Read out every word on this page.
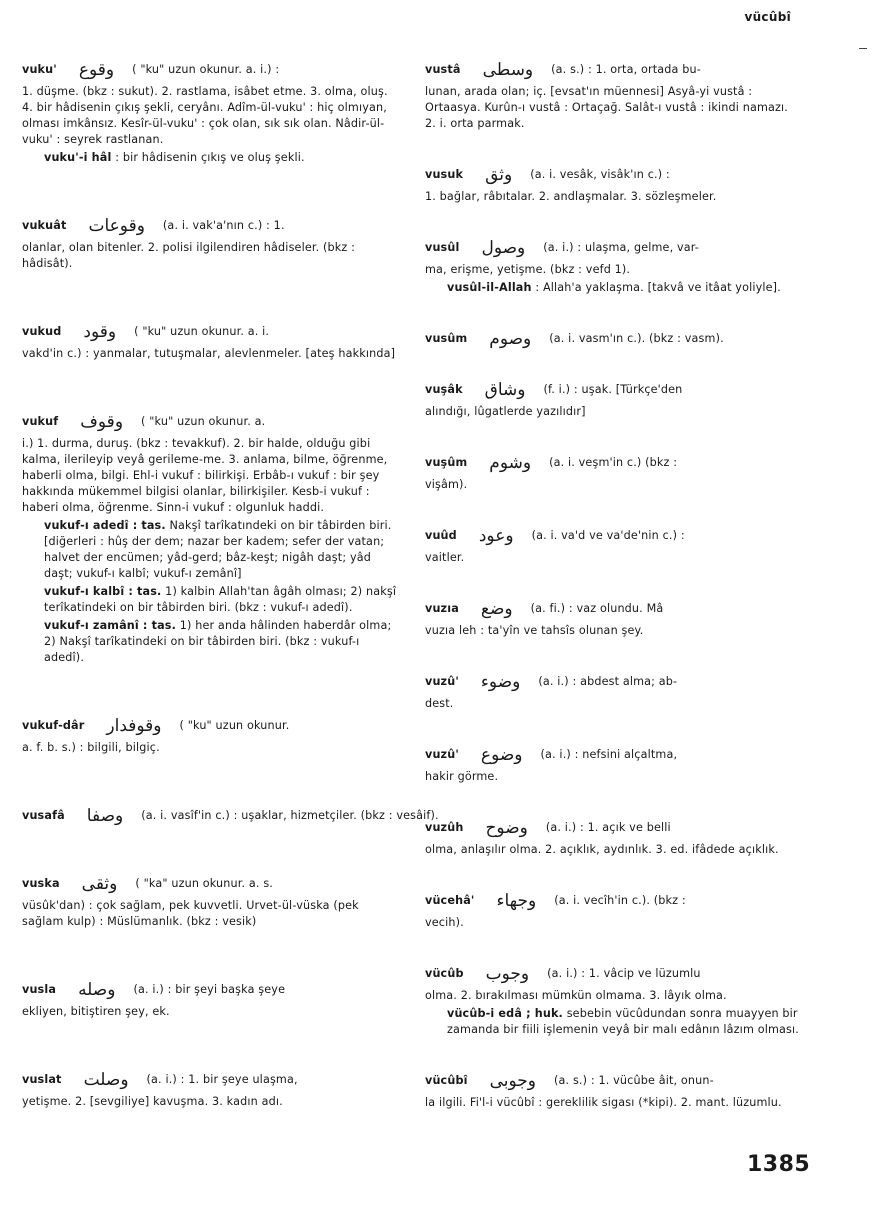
vücûbî
vuku' وقوع ( "ku" uzun okunur. a. i.) :

1. düşme. (bkz : sukut). 2. rastlama, isâbet etme. 3. olma, oluş. 4. bir hâdisenin çıkış şekli, ceryânı. Adîm-ül-vuku' : hiç olmıyan, olması imkânsız. Kesîr-ül-vuku' : çok olan, sık sık olan. Nâdir-ül-vuku' : seyrek rastlanan.

vuku'-i hâl : bir hâdisenin çıkış ve oluş şekli.

vukuât وقوعات (a. i. vak'a'nın c.) : 1.

olanlar, olan bitenler. 2. polisi ilgilendiren hâdiseler. (bkz : hâdisât).

vukud وقود ( "ku" uzun okunur. a. i.

vakd'in c.) : yanmalar, tutuşmalar, alevlenmeler. [ateş hakkında]

vukuf وقوف ( "ku" uzun okunur. a.

i.) 1. durma, duruş. (bkz : tevakkuf). 2. bir halde, olduğu gibi kalma, ilerileyip veyâ gerileme-me. 3. anlama, bilme, öğrenme, haberli olma, bilgi. Ehl-i vukuf : bilirkişi. Erbâb-ı vukuf : bir şey hakkında mükemmel bilgisi olanlar, bilirkişiler. Kesb-i vukuf : haberi olma, öğrenme. Sinn-i vukuf : olgunluk haddi.

vukuf-ı adedî : tas. Nakşî tarîkatındeki on bir tâbirden biri. [diğerleri : hûş der dem; nazar ber kadem; sefer der vatan; halvet der encümen; yâd-gerd; bâz-keşt; nigâh daşt; yâd daşt; vukuf-ı kalbî; vukuf-ı zemânî]

vukuf-ı kalbî : tas. 1) kalbin Allah'tan âgâh olması; 2) nakşî terîkatindeki on bir tâbirden biri. (bkz : vukuf-ı adedî).

vukuf-ı zamânî : tas. 1) her anda hâlinden haberdâr olma; 2) Nakşî tarîkatindeki on bir tâbirden biri. (bkz : vukuf-ı adedî).

vukuf-dâr وقوفدار ( "ku" uzun okunur.

a. f. b. s.) : bilgili, bilgiç.

vusafâ وصفا (a. i. vasîf'in c.) : uşaklar, hizmetçiler. (bkz : vesâif).
vuska وثقى ( "ka" uzun okunur. a. s.

vüsûk'dan) : çok sağlam, pek kuvvetli. Urvet-ül-vüska (pek sağlam kulp) : Müslümanlık. (bkz : vesik)

vusla وصله (a. i.) : bir şeyi başka şeye

ekliyen, bitiştiren şey, ek.

vuslat وصلت (a. i.) : 1. bir şeye ulaşma,

yetişme. 2. [sevgiliye] kavuşma. 3. kadın adı.

vustâ وسطى (a. s.) : 1. orta, ortada bu-

lunan, arada olan; iç. [evsat'ın müennesi] Asyâ-yi vustâ : Ortaasya. Kurûn-ı vustâ : Ortaçağ. Salât-ı vustâ : ikindi namazı. 2. i. orta parmak.

vusuk وثق (a. i. vesâk, visâk'ın c.) :

1. bağlar, râbıtalar. 2. andlaşmalar. 3. sözleşmeler.

vusûl وصول (a. i.) : ulaşma, gelme, var-

ma, erişme, yetişme. (bkz : vefd 1).

vusûl-il-Allah : Allah'a yaklaşma. [takvâ ve itâat yoliyle].

vusûm وصوم (a. i. vasm'ın c.). (bkz : vasm).
vuşâk وشاق (f. i.) : uşak. [Türkçe'den

alındığı, lûgatlerde yazılıdır]

vuşûm وشوم (a. i. veşm'in c.) (bkz :

vişâm).

vuûd وعود (a. i. va'd ve va'de'nin c.) :

vaitler.

vuzıa وضع (a. fi.) : vaz olundu. Mâ

vuzıa leh : ta'yîn ve tahsîs olunan şey.

vuzû' وضوء (a. i.) : abdest alma; ab-

dest.

vuzû' وضوع (a. i.) : nefsini alçaltma,

hakir görme.

vuzûh وضوح (a. i.) : 1. açık ve belli

olma, anlaşılır olma. 2. açıklık, aydınlık. 3. ed. ifâdede açıklık.

vücehâ' وجهاء (a. i. vecîh'in c.). (bkz :

vecih).

vücûb وجوب (a. i.) : 1. vâcip ve lüzumlu

olma. 2. bırakılması mümkün olmama. 3. lâyık olma.

vücûb-i edâ ; huk. sebebin vücûdundan sonra muayyen bir zamanda bir fiili işlemenin veyâ bir malı edânın lâzım olması.

vücûbî وجوبى (a. s.) : 1. vücûbe âit, onun-

la ilgili. Fi'l-i vücûbî : gereklilik sigası (*kipi). 2. mant. lüzumlu.

1385
